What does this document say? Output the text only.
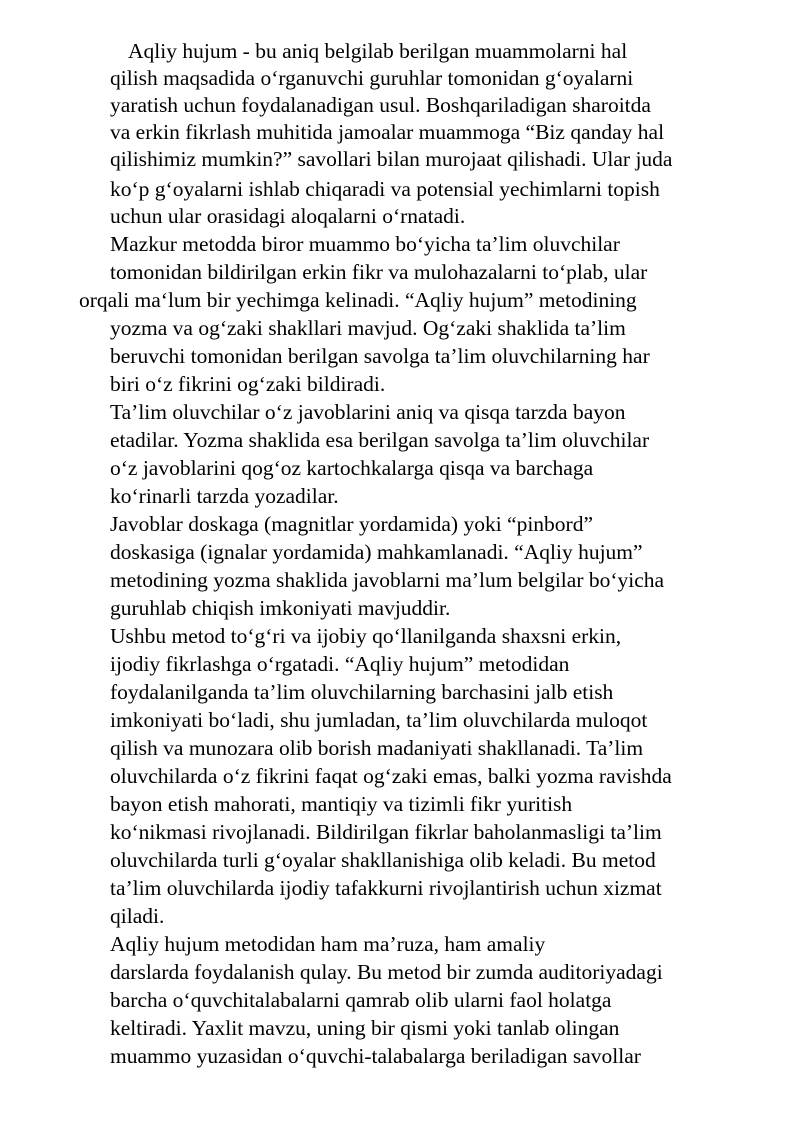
Aqliy hujum - bu aniq belgilab berilgan muammolarni hal
qilish maqsadida o‘rganuvchi guruhlar tomonidan g‘oyalarni
yaratish uchun foydalanadigan usul. Boshqariladigan sharoitda
va erkin fikrlash muhitida jamoalar muammoga “Biz qanday hal
qilishimiz mumkin?” savollari bilan murojaat qilishadi. Ular juda
ko‘p g‘oyalarni ishlab chiqaradi va potensial yechimlarni topish
uchun ular orasidagi aloqalarni o‘rnatadi.
Mazkur metodda biror muammo bo‘yicha ta’lim oluvchilar
tomonidan bildirilgan erkin fikr va mulohazalarni to‘plab, ular
orqali ma‘lum bir yechimga kelinadi. “Aqliy hujum” metodining
yozma va og‘zaki shakllari mavjud. Og‘zaki shaklida ta’lim
beruvchi tomonidan berilgan savolga ta’lim oluvchilarning har
biri o‘z fikrini og‘zaki bildiradi.
Ta’lim oluvchilar o‘z javoblarini aniq va qisqa tarzda bayon
etadilar. Yozma shaklida esa berilgan savolga ta’lim oluvchilar
o‘z javoblarini qog‘oz kartochkalarga qisqa va barchaga
ko‘rinarli tarzda yozadilar.
Javoblar doskaga (magnitlar yordamida) yoki “pinbord”
doskasiga (ignalar yordamida) mahkamlanadi. “Aqliy hujum”
metodining yozma shaklida javoblarni ma’lum belgilar bo‘yicha
guruhlab chiqish imkoniyati mavjuddir.
Ushbu metod to‘g‘ri va ijobiy qo‘llanilganda shaxsni erkin,
ijodiy fikrlashga o‘rgatadi. “Aqliy hujum” metodidan
foydalanilganda ta’lim oluvchilarning barchasini jalb etish
imkoniyati bo‘ladi, shu jumladan, ta’lim oluvchilarda muloqot
qilish va munozara olib borish madaniyati shakllanadi. Ta’lim
oluvchilarda o‘z fikrini faqat og‘zaki emas, balki yozma ravishda
bayon etish mahorati, mantiqiy va tizimli fikr yuritish
ko‘nikmasi rivojlanadi. Bildirilgan fikrlar baholanmasligi ta’lim
oluvchilarda turli g‘oyalar shakllanishiga olib keladi. Bu metod
ta’lim oluvchilarda ijodiy tafakkurni rivojlantirish uchun xizmat
qiladi.
Aqliy hujum metodidan ham ma’ruza, ham amaliy
darslarda foydalanish qulay. Bu metod bir zumda auditoriyadagi
barcha o‘quvchitalabalarni qamrab olib ularni faol holatga
keltiradi. Yaxlit mavzu, uning bir qismi yoki tanlab olingan
muammo yuzasidan o‘quvchi-talabalarga beriladigan savollar
